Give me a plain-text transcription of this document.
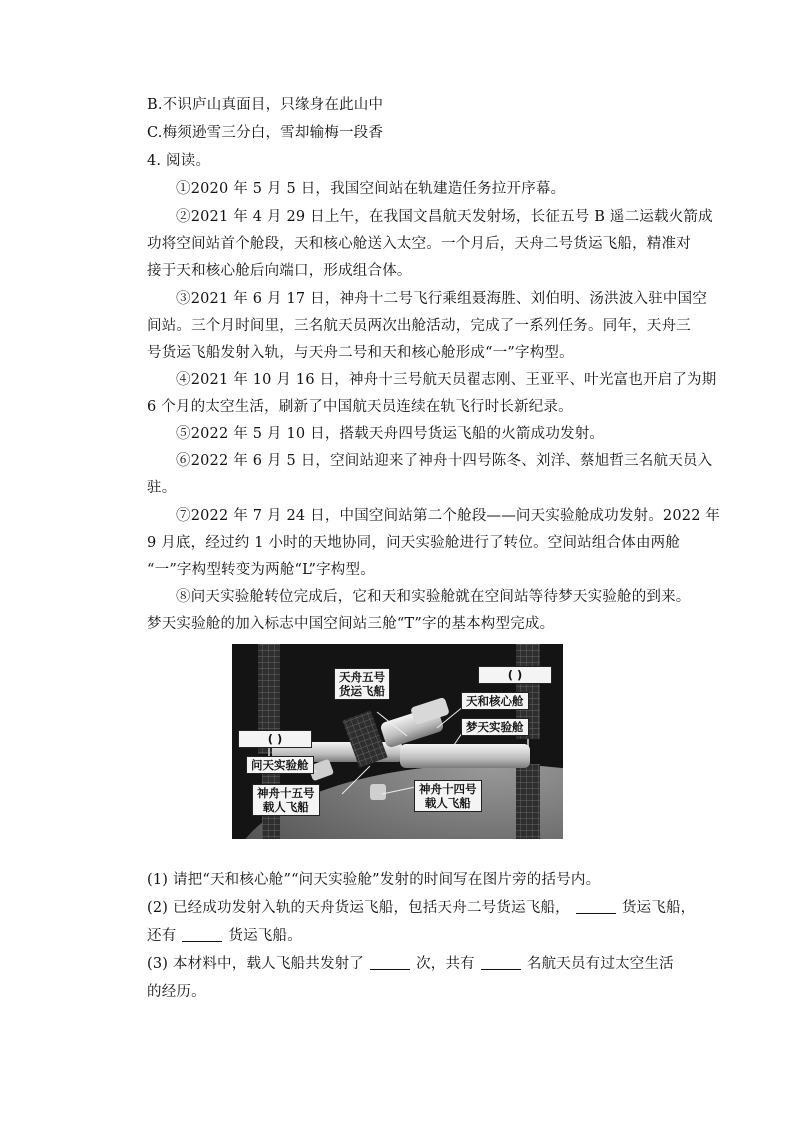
B.不识庐山真面目，只缘身在此山中
C.梅须逊雪三分白，雪却输梅一段香
4. 阅读。
①2020 年 5 月 5 日，我国空间站在轨建造任务拉开序幕。
②2021 年 4 月 29 日上午，在我国文昌航天发射场，长征五号 B 遥二运载火箭成
功将空间站首个舱段，天和核心舱送入太空。一个月后，天舟二号货运飞船，精准对
接于天和核心舱后向端口，形成组合体。
③2021 年 6 月 17 日，神舟十二号飞行乘组聂海胜、刘伯明、汤洪波入驻中国空
间站。三个月时间里，三名航天员两次出舱活动，完成了一系列任务。同年，天舟三
号货运飞船发射入轨，与天舟二号和天和核心舱形成“一”字构型。
④2021 年 10 月 16 日，神舟十三号航天员翟志刚、王亚平、叶光富也开启了为期
6 个月的太空生活，刷新了中国航天员连续在轨飞行时长新纪录。
⑤2022 年 5 月 10 日，搭载天舟四号货运飞船的火箭成功发射。
⑥2022 年 6 月 5 日，空间站迎来了神舟十四号陈冬、刘洋、蔡旭哲三名航天员入
驻。
⑦2022 年 7 月 24 日，中国空间站第二个舱段——问天实验舱成功发射。2022 年
9 月底，经过约 1 小时的天地协同，问天实验舱进行了转位。空间站组合体由两舱
“一”字构型转变为两舱“L”字构型。
⑧问天实验舱转位完成后，它和天和实验舱就在空间站等待梦天实验舱的到来。
梦天实验舱的加入标志中国空间站三舱“T”字的基本构型完成。
天舟五号
货运飞船
( )
天和核心舱
梦天实验舱
( )
问天实验舱
神舟十五号
载人飞船
神舟十四号
载人飞船
(1) 请把“天和核心舱”“问天实验舱”发射的时间写在图片旁的括号内。
(2) 已经成功发射入轨的天舟货运飞船，包括天舟二号货运飞船，	货运飞船，
还有	货运飞船。
(3) 本材料中，载人飞船共发射了	次，共有	名航天员有过太空生活
的经历。
